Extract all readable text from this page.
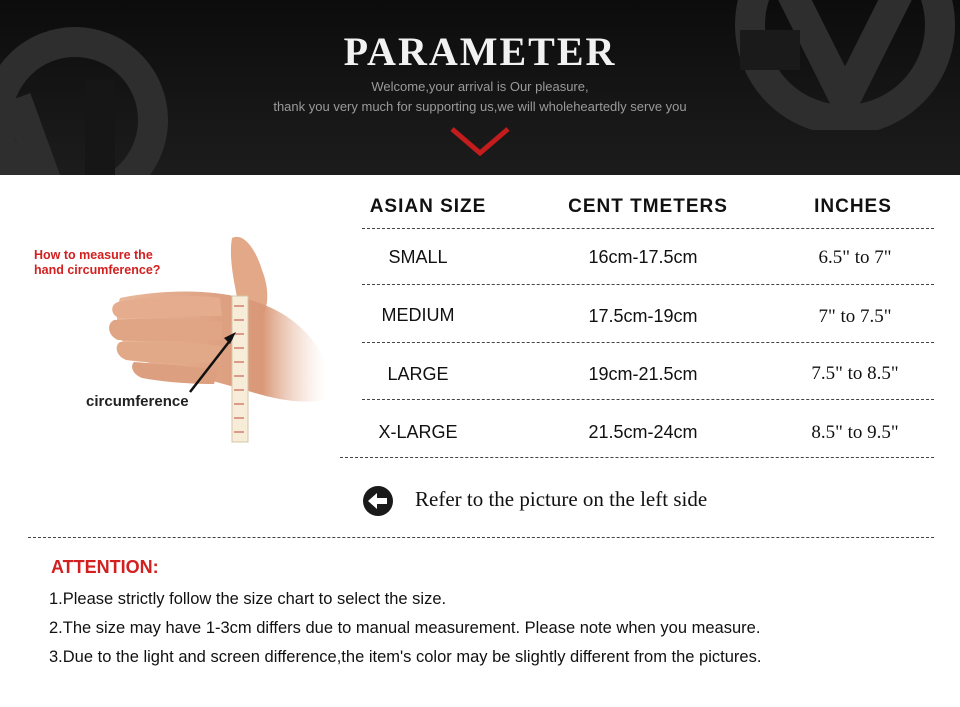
PARAMETER
Welcome,your arrival is Our pleasure,
thank you very much for supporting us,we will wholeheartedly serve you
How to measure the
hand circumference?
circumference
ASIAN SIZE	CENT TMETERS	INCHES
SMALL	16cm-17.5cm	6.5" to 7"
MEDIUM	17.5cm-19cm	7" to 7.5"
LARGE	19cm-21.5cm	7.5" to 8.5"
X-LARGE	21.5cm-24cm	8.5" to 9.5"
Refer to the picture on the left side
ATTENTION:
1.Please strictly follow the size chart to select the size.
2.The size may have 1-3cm differs due to manual measurement. Please note when you measure.
3.Due to the light and screen difference,the item's color may be slightly different from the pictures.
